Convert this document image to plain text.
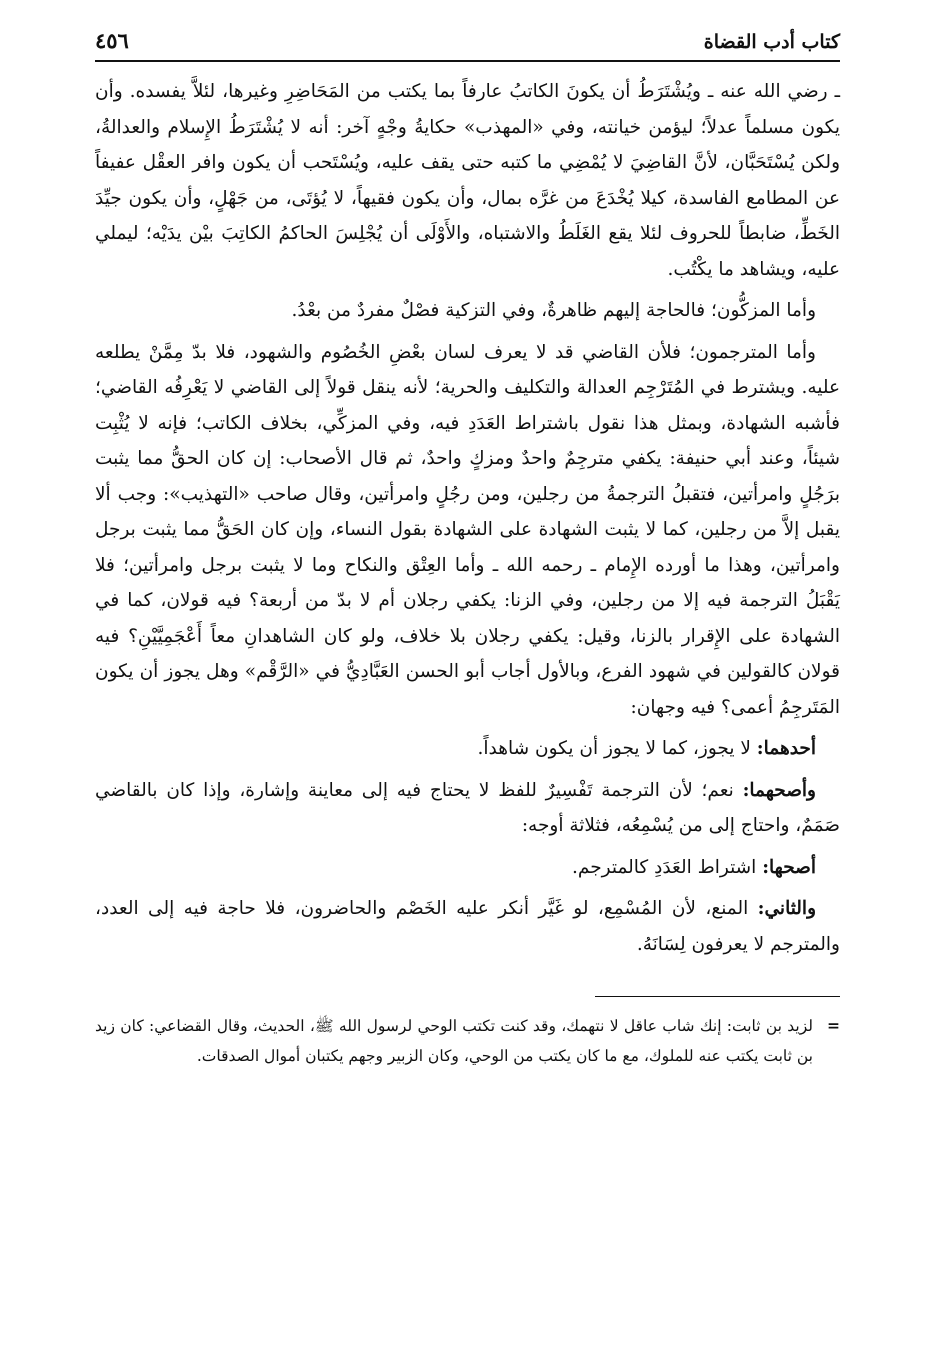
كتاب أدب القضاة
٤٥٦

ـ رضي الله عنه ـ ويُشْتَرَطُ أن يكونَ الكاتبُ عارفاً بما يكتب من المَحَاضِرِ وغيرها، لئلاَّ يفسده. وأن يكون مسلماً عدلاً؛ ليؤمن خيانته، وفي «المهذب» حكايةُ وجْهٍ آخر: أنه لا يُشْتَرَطُ الإِسلام والعدالةُ، ولكن يُسْتَحَبَّان، لأنَّ القاضِيَ لا يُمْضِي ما كتبه حتى يقف عليه، ويُسْتَحب أن يكون وافر العقْل عفيفاً عن المطامع الفاسدة، كيلا يُخْدَعَ من غرَّه بمال، وأن يكون فقيهاً، لا يُؤتَى، من جَهْلٍ، وأن يكون جيِّدَ الخَطِّ، ضابطاً للحروف لئلا يقع الغَلَطُ والاشتباه، والأَوْلَى أن يُجْلِسَ الحاكمُ الكاتِبَ بيْن يدَيْه؛ ليملي عليه، ويشاهد ما يكْتُب.

وأما المزكُّون؛ فالحاجة إليهم ظاهرةٌ، وفي التزكية فصْلٌ مفردٌ من بعْدُ.

وأما المترجمون؛ فلأن القاضي قد لا يعرف لسان بعْضِ الخُصُوم والشهود، فلا بدّ مِمَّنْ يطلعه عليه. ويشترط في المُتَرْجِم العدالة والتكليف والحرية؛ لأنه ينقل قولاً إلى القاضي لا يَعْرِفُه القاضي؛ فأشبه الشهادة، وبمثل هذا نقول باشتراط العَدَدِ فيه، وفي المزكِّي، بخلاف الكاتب؛ فإنه لا يُثْبِت شيئاً، وعند أبي حنيفة: يكفي مترجِمٌ واحدٌ ومزكٍ واحدٌ، ثم قال الأصحاب: إن كان الحقُّ مما يثبت برَجُلٍ وامرأتين، فتقبلُ الترجمةُ من رجلين، ومن رجُلٍ وامرأتين، وقال صاحب «التهذيب»: وجب ألا يقبل إلاَّ من رجلين، كما لا يثبت الشهادة على الشهادة بقول النساء، وإن كان الحَقُّ مما يثبت برجل وامرأتين، وهذا ما أورده الإِمام ـ رحمه الله ـ وأما العِتْق والنكاح وما لا يثبت برجل وامرأتين؛ فلا يَقْبَلُ الترجمة فيه إلا من رجلين، وفي الزنا: يكفي رجلان أم لا بدّ من أربعة؟ فيه قولان، كما في الشهادة على الإِقرار بالزنا، وقيل: يكفي رجلان بلا خلاف، ولو كان الشاهدانِ معاً أَعْجَمِيَّيْنِ؟ فيه قولان كالقولين في شهود الفرع، وبالأول أجاب أبو الحسن العَبَّادِيُّ في «الرَّقْم» وهل يجوز أن يكون المَتَرجِمُ أعمى؟ فيه وجهان:

أحدهما: لا يجوز، كما لا يجوز أن يكون شاهداً.

وأصحهما: نعم؛ لأن الترجمة تَفْسِيرٌ للفظ لا يحتاج فيه إلى معاينة وإشارة، وإذا كان بالقاضي صَمَمٌ، واحتاج إلى من يُسْمِعُه، فثلاثة أوجه:

أصحها: اشتراط العَدَدِ كالمترجم.

والثاني: المنع، لأن المُسْمِع، لو غَيَّر أنكر عليه الخَصْم والحاضرون، فلا حاجة فيه إلى العدد، والمترجم لا يعرفون لِسَانَهُ.

=
لزيد بن ثابت: إنك شاب عاقل لا نتهمك، وقد كنت تكتب الوحي لرسول الله ﷺ، الحديث، وقال القضاعي: كان زيد بن ثابت يكتب عنه للملوك، مع ما كان يكتب من الوحي، وكان الزبير وجهم يكتبان أموال الصدقات.
